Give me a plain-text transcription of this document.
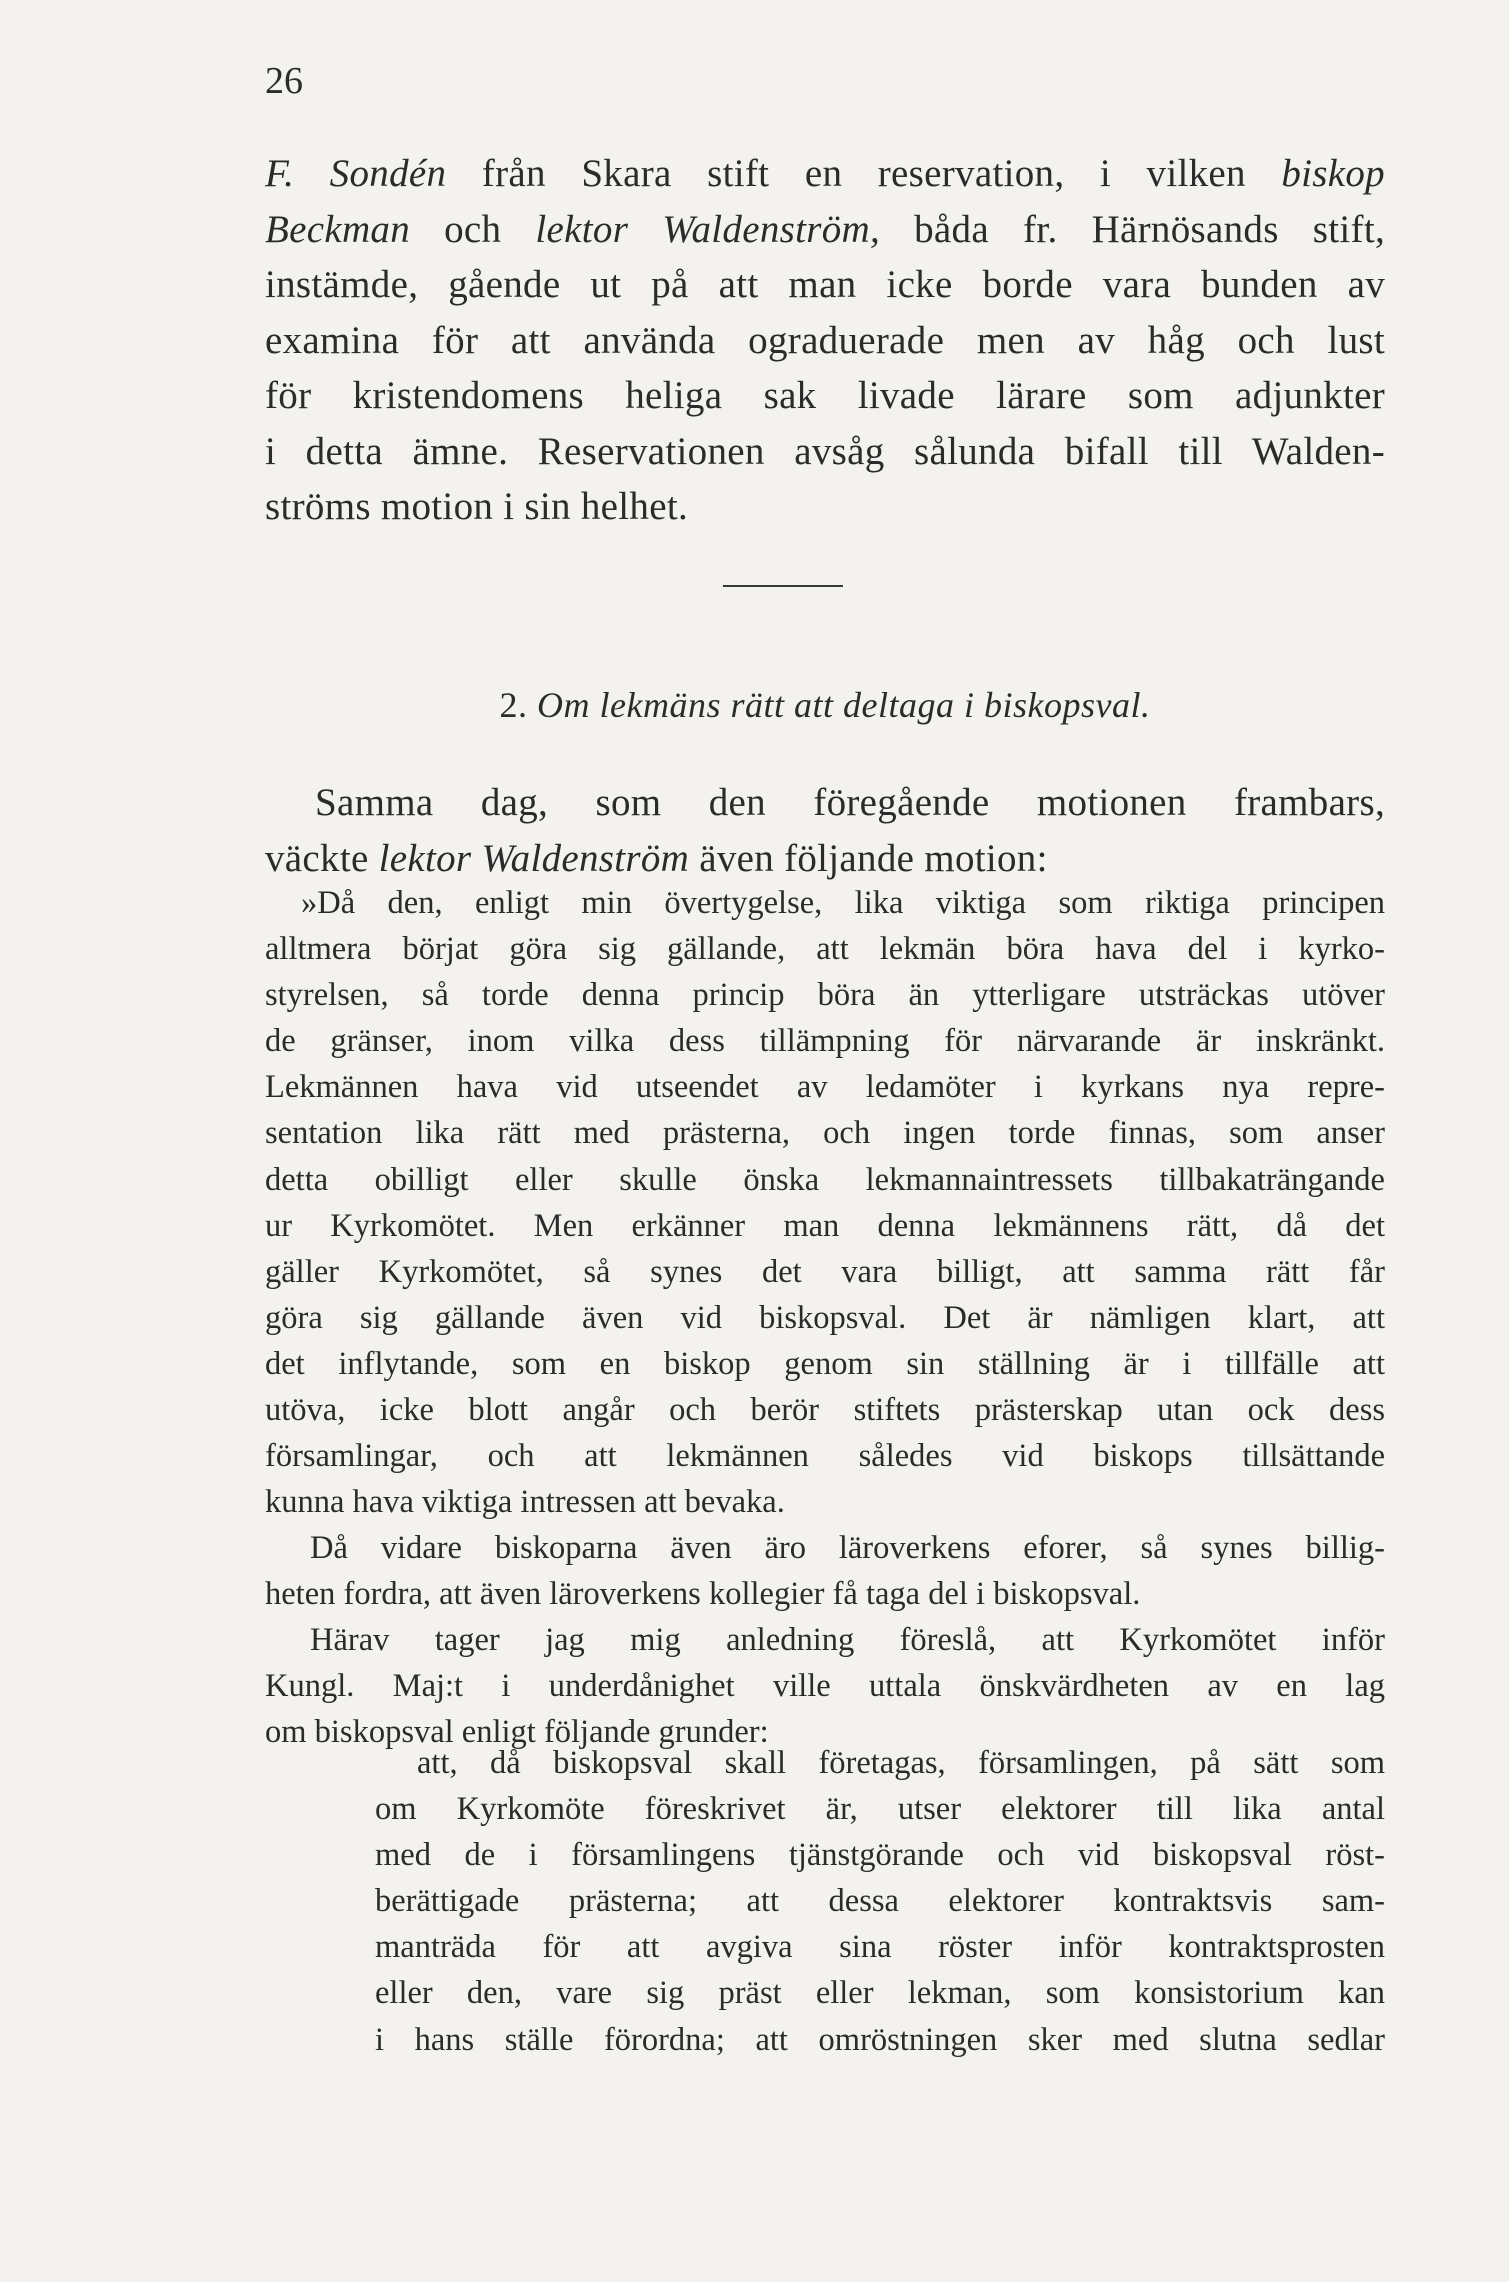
26
F. Sondén från Skara stift en reservation, i vilken biskop
Beckman och lektor Waldenström, båda fr. Härnösands stift,
instämde, gående ut på att man icke borde vara bunden av
examina för att använda ograduerade men av håg och lust
för kristendomens heliga sak livade lärare som adjunkter
i detta ämne. Reservationen avsåg sålunda bifall till Walden-
ströms motion i sin helhet.
2. Om lekmäns rätt att deltaga i biskopsval.
Samma dag, som den föregående motionen frambars,
väckte lektor Waldenström även följande motion:
»Då den, enligt min övertygelse, lika viktiga som riktiga principen
alltmera börjat göra sig gällande, att lekmän böra hava del i kyrko-
styrelsen, så torde denna princip böra än ytterligare utsträckas utöver
de gränser, inom vilka dess tillämpning för närvarande är inskränkt.
Lekmännen hava vid utseendet av ledamöter i kyrkans nya repre-
sentation lika rätt med prästerna, och ingen torde finnas, som anser
detta obilligt eller skulle önska lekmannaintressets tillbakaträngande
ur Kyrkomötet. Men erkänner man denna lekmännens rätt, då det
gäller Kyrkomötet, så synes det vara billigt, att samma rätt får
göra sig gällande även vid biskopsval. Det är nämligen klart, att
det inflytande, som en biskop genom sin ställning är i tillfälle att
utöva, icke blott angår och berör stiftets prästerskap utan ock dess
församlingar, och att lekmännen således vid biskops tillsättande
kunna hava viktiga intressen att bevaka.
Då vidare biskoparna även äro läroverkens eforer, så synes billig-
heten fordra, att även läroverkens kollegier få taga del i biskopsval.
Härav tager jag mig anledning föreslå, att Kyrkomötet inför
Kungl. Maj:t i underdånighet ville uttala önskvärdheten av en lag
om biskopsval enligt följande grunder:
att, då biskopsval skall företagas, församlingen, på sätt som
om Kyrkomöte föreskrivet är, utser elektorer till lika antal
med de i församlingens tjänstgörande och vid biskopsval röst-
berättigade prästerna; att dessa elektorer kontraktsvis sam-
manträda för att avgiva sina röster inför kontraktsprosten
eller den, vare sig präst eller lekman, som konsistorium kan
i hans ställe förordna; att omröstningen sker med slutna sedlar
